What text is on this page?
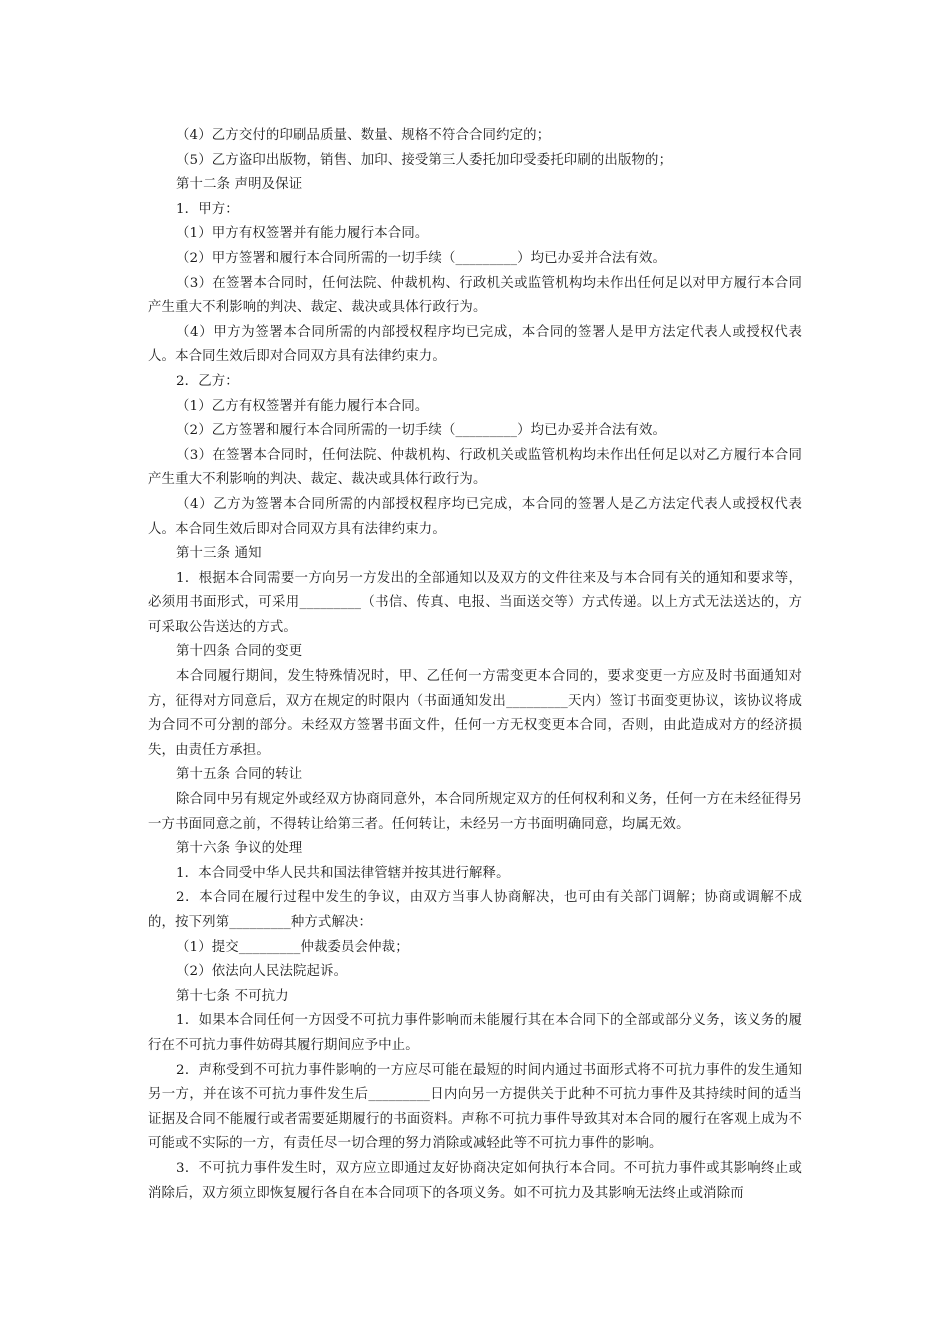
（4）乙方交付的印刷品质量、数量、规格不符合合同约定的；

（5）乙方盗印出版物，销售、加印、接受第三人委托加印受委托印刷的出版物的；

第十二条 声明及保证

1．甲方：

（1）甲方有权签署并有能力履行本合同。

（2）甲方签署和履行本合同所需的一切手续（_________）均已办妥并合法有效。

（3）在签署本合同时，任何法院、仲裁机构、行政机关或监管机构均未作出任何足以对甲方履行本合同产生重大不利影响的判决、裁定、裁决或具体行政行为。

（4）甲方为签署本合同所需的内部授权程序均已完成，本合同的签署人是甲方法定代表人或授权代表人。本合同生效后即对合同双方具有法律约束力。

2．乙方：

（1）乙方有权签署并有能力履行本合同。

（2）乙方签署和履行本合同所需的一切手续（_________）均已办妥并合法有效。

（3）在签署本合同时，任何法院、仲裁机构、行政机关或监管机构均未作出任何足以对乙方履行本合同产生重大不利影响的判决、裁定、裁决或具体行政行为。

（4）乙方为签署本合同所需的内部授权程序均已完成，本合同的签署人是乙方法定代表人或授权代表人。本合同生效后即对合同双方具有法律约束力。

第十三条 通知

1．根据本合同需要一方向另一方发出的全部通知以及双方的文件往来及与本合同有关的通知和要求等，必须用书面形式，可采用_________（书信、传真、电报、当面送交等）方式传递。以上方式无法送达的，方可采取公告送达的方式。

第十四条 合同的变更

本合同履行期间，发生特殊情况时，甲、乙任何一方需变更本合同的，要求变更一方应及时书面通知对方，征得对方同意后，双方在规定的时限内（书面通知发出_________天内）签订书面变更协议，该协议将成为合同不可分割的部分。未经双方签署书面文件，任何一方无权变更本合同，否则，由此造成对方的经济损失，由责任方承担。

第十五条 合同的转让

除合同中另有规定外或经双方协商同意外，本合同所规定双方的任何权利和义务，任何一方在未经征得另一方书面同意之前，不得转让给第三者。任何转让，未经另一方书面明确同意，均属无效。

第十六条 争议的处理

1．本合同受中华人民共和国法律管辖并按其进行解释。

2．本合同在履行过程中发生的争议，由双方当事人协商解决，也可由有关部门调解；协商或调解不成的，按下列第_________种方式解决：

（1）提交_________仲裁委员会仲裁；

（2）依法向人民法院起诉。

第十七条 不可抗力

1．如果本合同任何一方因受不可抗力事件影响而未能履行其在本合同下的全部或部分义务，该义务的履行在不可抗力事件妨碍其履行期间应予中止。

2．声称受到不可抗力事件影响的一方应尽可能在最短的时间内通过书面形式将不可抗力事件的发生通知另一方，并在该不可抗力事件发生后_________日内向另一方提供关于此种不可抗力事件及其持续时间的适当证据及合同不能履行或者需要延期履行的书面资料。声称不可抗力事件导致其对本合同的履行在客观上成为不可能或不实际的一方，有责任尽一切合理的努力消除或减轻此等不可抗力事件的影响。

3．不可抗力事件发生时，双方应立即通过友好协商决定如何执行本合同。不可抗力事件或其影响终止或消除后，双方须立即恢复履行各自在本合同项下的各项义务。如不可抗力及其影响无法终止或消除而
